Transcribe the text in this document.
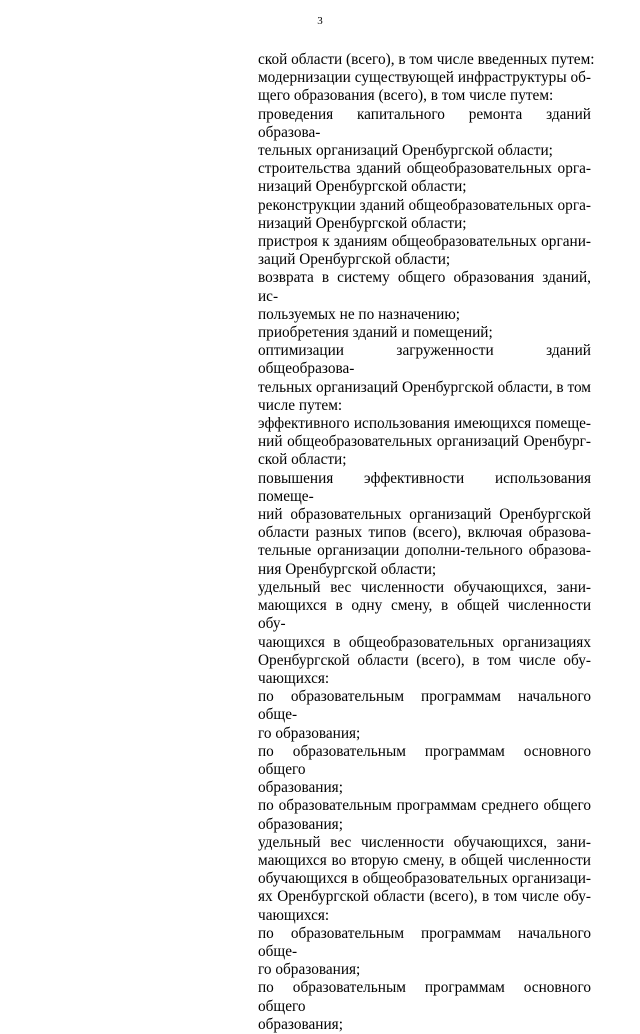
3
ской области (всего), в том числе введенных путем:
модернизации существующей инфраструктуры об-
щего образования (всего), в том числе путем:
проведения капитального ремонта зданий образова-
тельных организаций Оренбургской области;
строительства зданий общеобразовательных орга-
низаций Оренбургской области;
реконструкции зданий общеобразовательных орга-
низаций Оренбургской области;
пристроя к зданиям общеобразовательных органи-
заций Оренбургской области;
возврата в систему общего образования зданий, ис-
пользуемых не по назначению;
приобретения зданий и помещений;
оптимизации загруженности зданий общеобразова-
тельных организаций Оренбургской области, в том
числе путем:
эффективного использования имеющихся помеще-
ний общеобразовательных организаций Оренбург-
ской области;
повышения эффективности использования помеще-
ний образовательных организаций Оренбургской
области разных типов (всего), включая образова-
тельные организации дополни-тельного образова-
ния Оренбургской области;
удельный вес численности обучающихся, зани-
мающихся в одну смену, в общей численности обу-
чающихся в общеобразовательных организациях
Оренбургской области (всего), в том числе обу-
чающихся:
по образовательным программам начального обще-
го образования;
по образовательным программам основного общего
образования;
по образовательным программам среднего общего
образования;
удельный вес численности обучающихся, зани-
мающихся во вторую смену, в общей численности
обучающихся в общеобразовательных организаци-
ях Оренбургской области (всего), в том числе обу-
чающихся:
по образовательным программам начального обще-
го образования;
по образовательным программам основного общего
образования;
